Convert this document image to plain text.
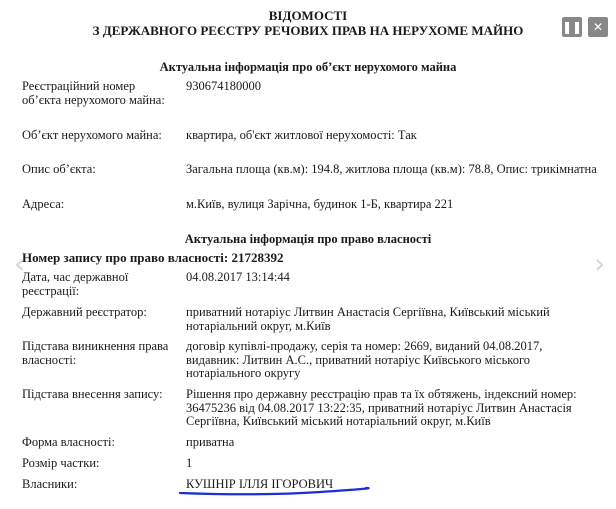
ВІДОМОСТІ
З ДЕРЖАВНОГО РЕЄСТРУ РЕЧОВИХ ПРАВ НА НЕРУХОМЕ МАЙНО	❚❚ ✕
‹	›
Актуальна інформація про об’єкт нерухомого майна
Реєстраційний номер об’єкта нерухомого майна:
930674180000
Об’єкт нерухомого майна:	квартира, об'єкт житлової нерухомості: Так
Опис об’єкта:	Загальна площа (кв.м): 194.8, житлова площа (кв.м): 78.8, Опис: трикімнатна
Адреса:	м.Київ, вулиця Зарічна, будинок 1-Б, квартира 221
Актуальна інформація про право власності
Номер запису про право власності: 21728392
Дата, час державної реєстрації:
04.08.2017 13:14:44
Державний реєстратор:	приватний нотаріус Литвин Анастасія Сергіївна, Київський міський нотаріальний округ, м.Київ
Підстава виникнення права власності:
договір купівлі-продажу, серія та номер: 2669, виданий 04.08.2017, видавник: Литвин А.С., приватний нотаріус Київського міського нотаріального округу
Підстава внесення запису:	Рішення про державну реєстрацію прав та їх обтяжень, індексний номер: 36475236 від 04.08.2017 13:22:35, приватний нотаріус Литвин Анастасія Сергіївна, Київський міський нотаріальний округ, м.Київ
Форма власності:	приватна
Розмір частки:	1
Власники:	КУШНІР ІЛЛЯ ІГОРОВИЧ
